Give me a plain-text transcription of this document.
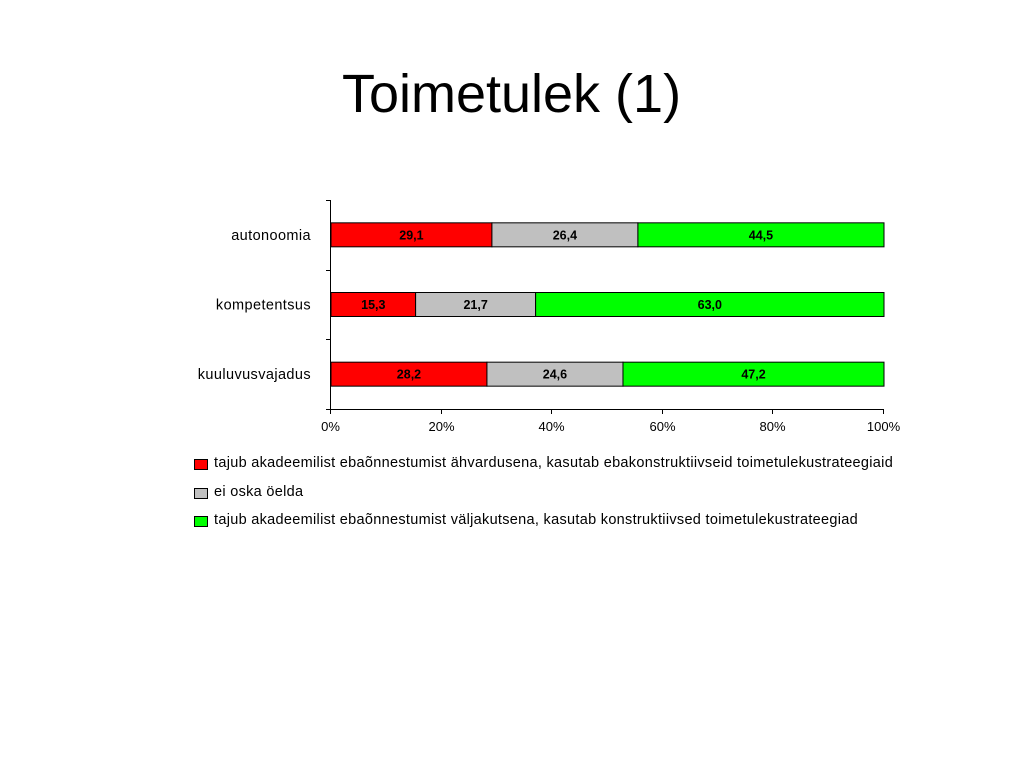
Toimetulek (1)
0%	20%	40%	60%	80%	100%
autonoomia	29,1	26,4	44,5
kompetentsus	15,3	21,7	63,0
kuuluvusvajadus	28,2	24,6	47,2
tajub akadeemilist ebaõnnestumist ähvardusena, kasutab ebakonstruktiivseid toimetulekustrateegiaid
ei oska öelda
tajub akadeemilist ebaõnnestumist väljakutsena, kasutab konstruktiivsed toimetulekustrateegiad
